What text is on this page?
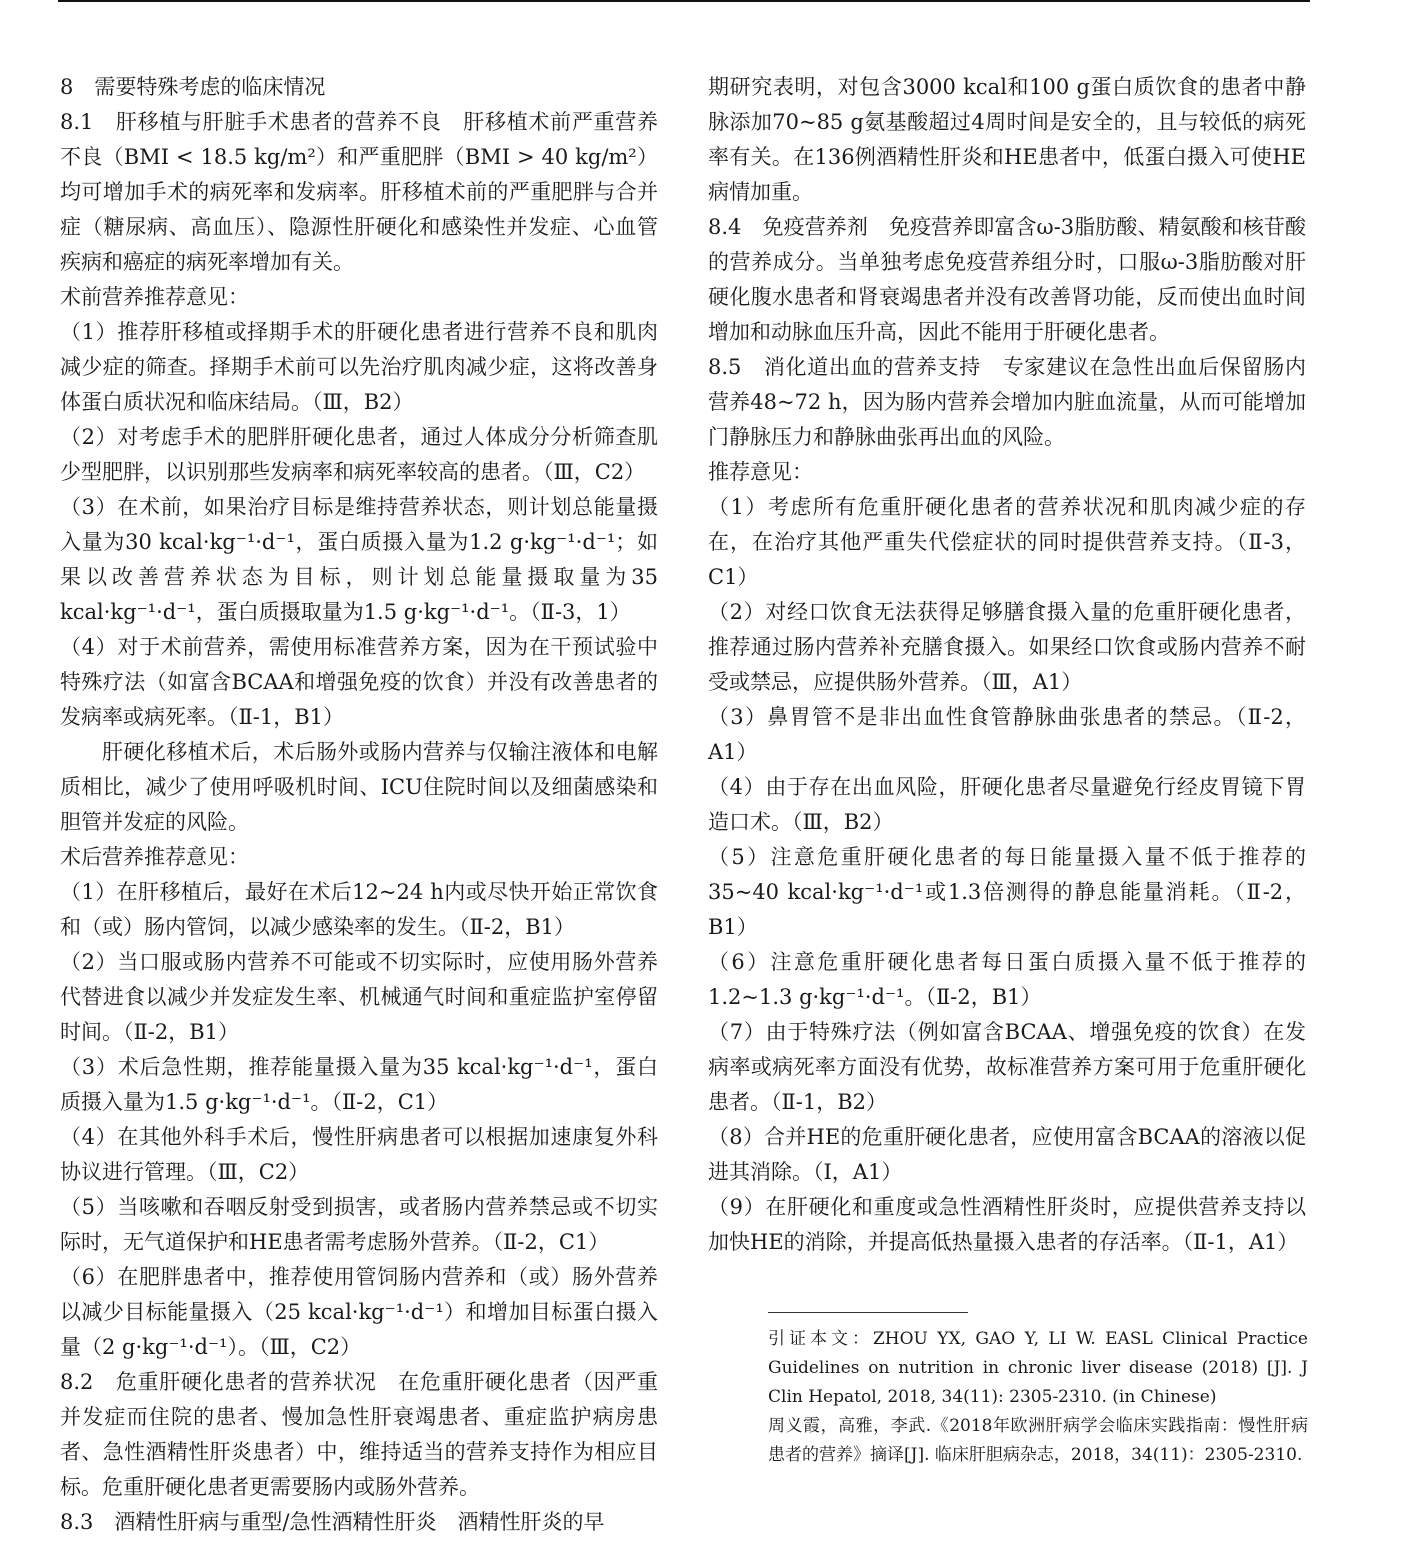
8　需要特殊考虑的临床情况

8.1　肝移植与肝脏手术患者的营养不良　肝移植术前严重营养不良（BMI < 18.5 kg/m²）和严重肥胖（BMI > 40 kg/m²）均可增加手术的病死率和发病率。肝移植术前的严重肥胖与合并症（糖尿病、高血压）、隐源性肝硬化和感染性并发症、心血管疾病和癌症的病死率增加有关。

术前营养推荐意见：

（1）推荐肝移植或择期手术的肝硬化患者进行营养不良和肌肉减少症的筛查。择期手术前可以先治疗肌肉减少症，这将改善身体蛋白质状况和临床结局。（Ⅲ，B2）

（2）对考虑手术的肥胖肝硬化患者，通过人体成分分析筛查肌少型肥胖，以识别那些发病率和病死率较高的患者。（Ⅲ，C2）

（3）在术前，如果治疗目标是维持营养状态，则计划总能量摄入量为30 kcal·kg⁻¹·d⁻¹，蛋白质摄入量为1.2 g·kg⁻¹·d⁻¹；如果以改善营养状态为目标，则计划总能量摄取量为35 kcal·kg⁻¹·d⁻¹，蛋白质摄取量为1.5 g·kg⁻¹·d⁻¹。（Ⅱ-3，1）

（4）对于术前营养，需使用标准营养方案，因为在干预试验中特殊疗法（如富含BCAA和增强免疫的饮食）并没有改善患者的发病率或病死率。（Ⅱ-1，B1）

肝硬化移植术后，术后肠外或肠内营养与仅输注液体和电解质相比，减少了使用呼吸机时间、ICU住院时间以及细菌感染和胆管并发症的风险。

术后营养推荐意见：

（1）在肝移植后，最好在术后12~24 h内或尽快开始正常饮食和（或）肠内管饲，以减少感染率的发生。（Ⅱ-2，B1）

（2）当口服或肠内营养不可能或不切实际时，应使用肠外营养代替进食以减少并发症发生率、机械通气时间和重症监护室停留时间。（Ⅱ-2，B1）

（3）术后急性期，推荐能量摄入量为35 kcal·kg⁻¹·d⁻¹，蛋白质摄入量为1.5 g·kg⁻¹·d⁻¹。（Ⅱ-2，C1）

（4）在其他外科手术后，慢性肝病患者可以根据加速康复外科协议进行管理。（Ⅲ，C2）

（5）当咳嗽和吞咽反射受到损害，或者肠内营养禁忌或不切实际时，无气道保护和HE患者需考虑肠外营养。（Ⅱ-2，C1）

（6）在肥胖患者中，推荐使用管饲肠内营养和（或）肠外营养以减少目标能量摄入（25 kcal·kg⁻¹·d⁻¹）和增加目标蛋白摄入量（2 g·kg⁻¹·d⁻¹）。（Ⅲ，C2）

8.2　危重肝硬化患者的营养状况　在危重肝硬化患者（因严重并发症而住院的患者、慢加急性肝衰竭患者、重症监护病房患者、急性酒精性肝炎患者）中，维持适当的营养支持作为相应目标。危重肝硬化患者更需要肠内或肠外营养。

8.3　酒精性肝病与重型/急性酒精性肝炎　酒精性肝炎的早

期研究表明，对包含3000 kcal和100 g蛋白质饮食的患者中静脉添加70~85 g氨基酸超过4周时间是安全的，且与较低的病死率有关。在136例酒精性肝炎和HE患者中，低蛋白摄入可使HE病情加重。

8.4　免疫营养剂　免疫营养即富含ω-3脂肪酸、精氨酸和核苷酸的营养成分。当单独考虑免疫营养组分时，口服ω-3脂肪酸对肝硬化腹水患者和肾衰竭患者并没有改善肾功能，反而使出血时间增加和动脉血压升高，因此不能用于肝硬化患者。

8.5　消化道出血的营养支持　专家建议在急性出血后保留肠内营养48~72 h，因为肠内营养会增加内脏血流量，从而可能增加门静脉压力和静脉曲张再出血的风险。

推荐意见：

（1）考虑所有危重肝硬化患者的营养状况和肌肉减少症的存在，在治疗其他严重失代偿症状的同时提供营养支持。（Ⅱ-3，C1）

（2）对经口饮食无法获得足够膳食摄入量的危重肝硬化患者，推荐通过肠内营养补充膳食摄入。如果经口饮食或肠内营养不耐受或禁忌，应提供肠外营养。（Ⅲ，A1）

（3）鼻胃管不是非出血性食管静脉曲张患者的禁忌。（Ⅱ-2，A1）

（4）由于存在出血风险，肝硬化患者尽量避免行经皮胃镜下胃造口术。（Ⅲ，B2）

（5）注意危重肝硬化患者的每日能量摄入量不低于推荐的35~40 kcal·kg⁻¹·d⁻¹或1.3倍测得的静息能量消耗。（Ⅱ-2，B1）

（6）注意危重肝硬化患者每日蛋白质摄入量不低于推荐的1.2~1.3 g·kg⁻¹·d⁻¹。（Ⅱ-2，B1）

（7）由于特殊疗法（例如富含BCAA、增强免疫的饮食）在发病率或病死率方面没有优势，故标准营养方案可用于危重肝硬化患者。（Ⅱ-1，B2）

（8）合并HE的危重肝硬化患者，应使用富含BCAA的溶液以促进其消除。（Ⅰ，A1）

（9）在肝硬化和重度或急性酒精性肝炎时，应提供营养支持以加快HE的消除，并提高低热量摄入患者的存活率。（Ⅱ-1，A1）

引证本文：ZHOU YX, GAO Y, LI W. EASL Clinical Practice Guidelines on nutrition in chronic liver disease (2018) [J]. J Clin Hepatol, 2018, 34(11): 2305-2310. (in Chinese)

周义霞，高雅，李武.《2018年欧洲肝病学会临床实践指南：慢性肝病患者的营养》摘译[J]. 临床肝胆病杂志，2018，34(11)：2305-2310.
